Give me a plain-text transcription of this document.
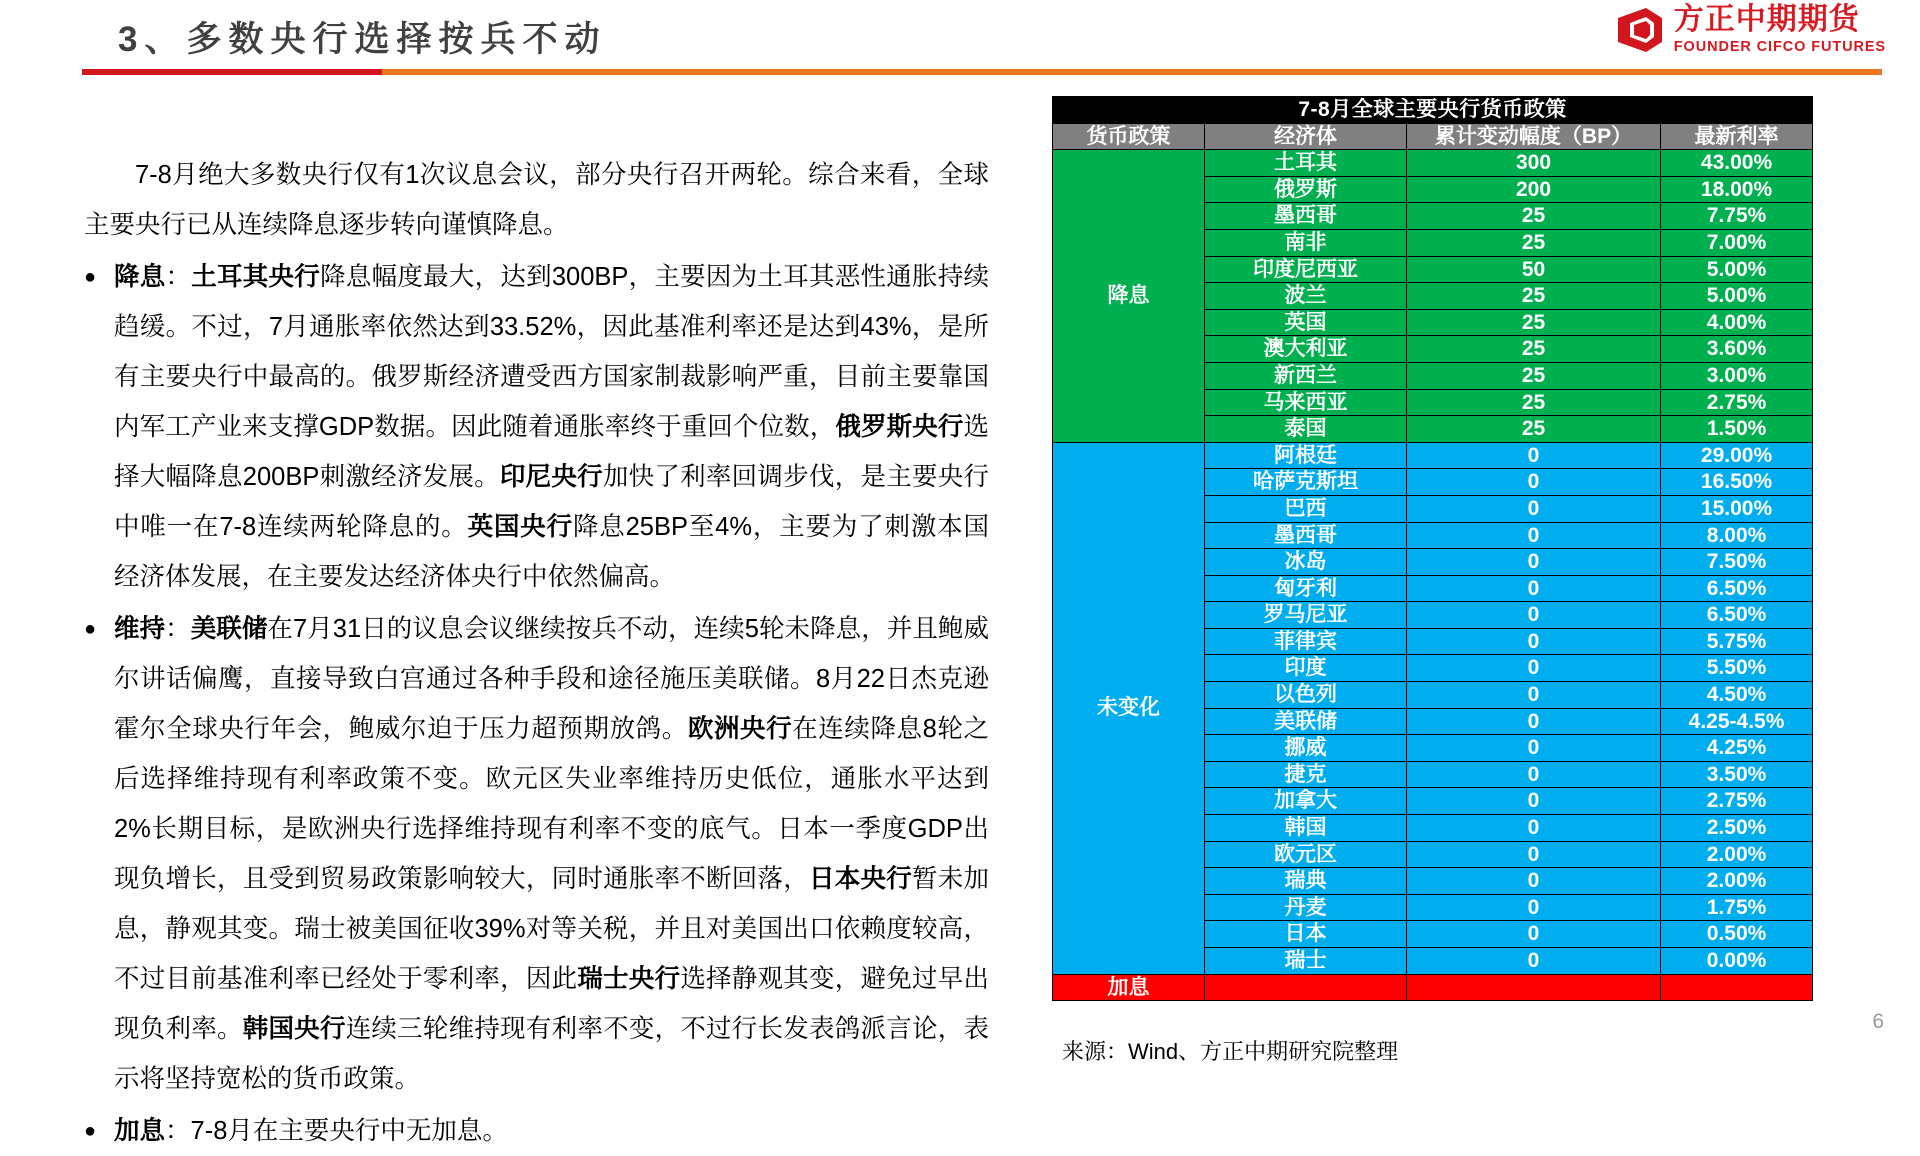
3、多数央行选择按兵不动
方正中期期货
FOUNDER CIFCO FUTURES
7-8月绝大多数央行仅有1次议息会议，部分央行召开两轮。综合来看，全球主要央行已从连续降息逐步转向谨慎降息。
● 降息：土耳其央行降息幅度最大，达到300BP，主要因为土耳其恶性通胀持续趋缓。不过，7月通胀率依然达到33.52%，因此基准利率还是达到43%，是所有主要央行中最高的。俄罗斯经济遭受西方国家制裁影响严重，目前主要靠国内军工产业来支撑GDP数据。因此随着通胀率终于重回个位数，俄罗斯央行选择大幅降息200BP刺激经济发展。印尼央行加快了利率回调步伐，是主要央行中唯一在7-8连续两轮降息的。英国央行降息25BP至4%，主要为了刺激本国经济体发展，在主要发达经济体央行中依然偏高。
● 维持：美联储在7月31日的议息会议继续按兵不动，连续5轮未降息，并且鲍威尔讲话偏鹰，直接导致白宫通过各种手段和途径施压美联储。8月22日杰克逊霍尔全球央行年会，鲍威尔迫于压力超预期放鸽。欧洲央行在连续降息8轮之后选择维持现有利率政策不变。欧元区失业率维持历史低位，通胀水平达到2%长期目标，是欧洲央行选择维持现有利率不变的底气。日本一季度GDP出现负增长，且受到贸易政策影响较大，同时通胀率不断回落，日本央行暂未加息，静观其变。瑞士被美国征收39%对等关税，并且对美国出口依赖度较高，不过目前基准利率已经处于零利率，因此瑞士央行选择静观其变，避免过早出现负利率。韩国央行连续三轮维持现有利率不变，不过行长发表鸽派言论，表示将坚持宽松的货币政策。
● 加息：7-8月在主要央行中无加息。
7-8月全球主要央行货币政策			
货币政策	经济体	累计变动幅度（BP）	最新利率
降息	土耳其	300	43.00%
	俄罗斯	200	18.00%
	墨西哥	25	7.75%
	南非	25	7.00%
	印度尼西亚	50	5.00%
	波兰	25	5.00%
	英国	25	4.00%
	澳大利亚	25	3.60%
	新西兰	25	3.00%
	马来西亚	25	2.75%
	泰国	25	1.50%
未变化	阿根廷	0	29.00%
	哈萨克斯坦	0	16.50%
	巴西	0	15.00%
	墨西哥	0	8.00%
	冰岛	0	7.50%
	匈牙利	0	6.50%
	罗马尼亚	0	6.50%
	菲律宾	0	5.75%
	印度	0	5.50%
	以色列	0	4.50%
	美联储	0	4.25-4.5%
	挪威	0	4.25%
	捷克	0	3.50%
	加拿大	0	2.75%
	韩国	0	2.50%
	欧元区	0	2.00%
	瑞典	0	2.00%
	丹麦	0	1.75%
	日本	0	0.50%
	瑞士	0	0.00%
加息			
来源：Wind、方正中期研究院整理
6
